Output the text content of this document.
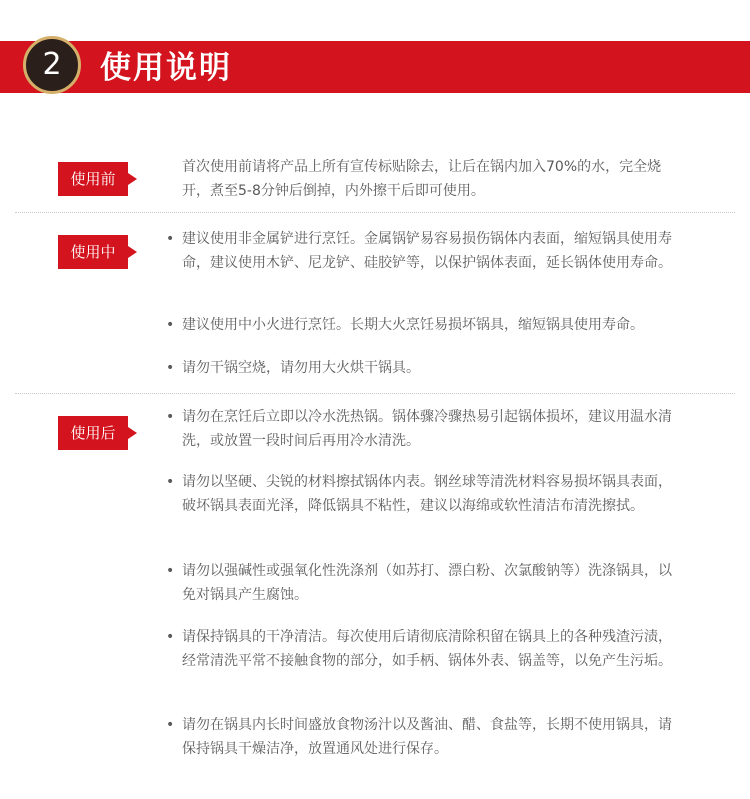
2 使用说明
使用前
首次使用前请将产品上所有宣传标贴除去，让后在锅内加入70%的水，完全烧开，煮至5-8分钟后倒掉，内外擦干后即可使用。
使用中
• 建议使用非金属铲进行烹饪。金属锅铲易容易损伤锅体内表面，缩短锅具使用寿命，建议使用木铲、尼龙铲、硅胶铲等，以保护锅体表面，延长锅体使用寿命。
• 建议使用中小火进行烹饪。长期大火烹饪易损坏锅具，缩短锅具使用寿命。
• 请勿干锅空烧，请勿用大火烘干锅具。
使用后
• 请勿在烹饪后立即以冷水洗热锅。锅体骤冷骤热易引起锅体损坏，建议用温水清洗，或放置一段时间后再用冷水清洗。
• 请勿以坚硬、尖锐的材料擦拭锅体内表。钢丝球等清洗材料容易损坏锅具表面，破坏锅具表面光泽，降低锅具不粘性，建议以海绵或软性清洁布清洗擦拭。
• 请勿以强碱性或强氧化性洗涤剂（如苏打、漂白粉、次氯酸钠等）洗涤锅具，以免对锅具产生腐蚀。
• 请保持锅具的干净清洁。每次使用后请彻底清除积留在锅具上的各种残渣污渍，经常清洗平常不接触食物的部分，如手柄、锅体外表、锅盖等，以免产生污垢。
• 请勿在锅具内长时间盛放食物汤汁以及酱油、醋、食盐等，长期不使用锅具，请保持锅具干燥洁净，放置通风处进行保存。
